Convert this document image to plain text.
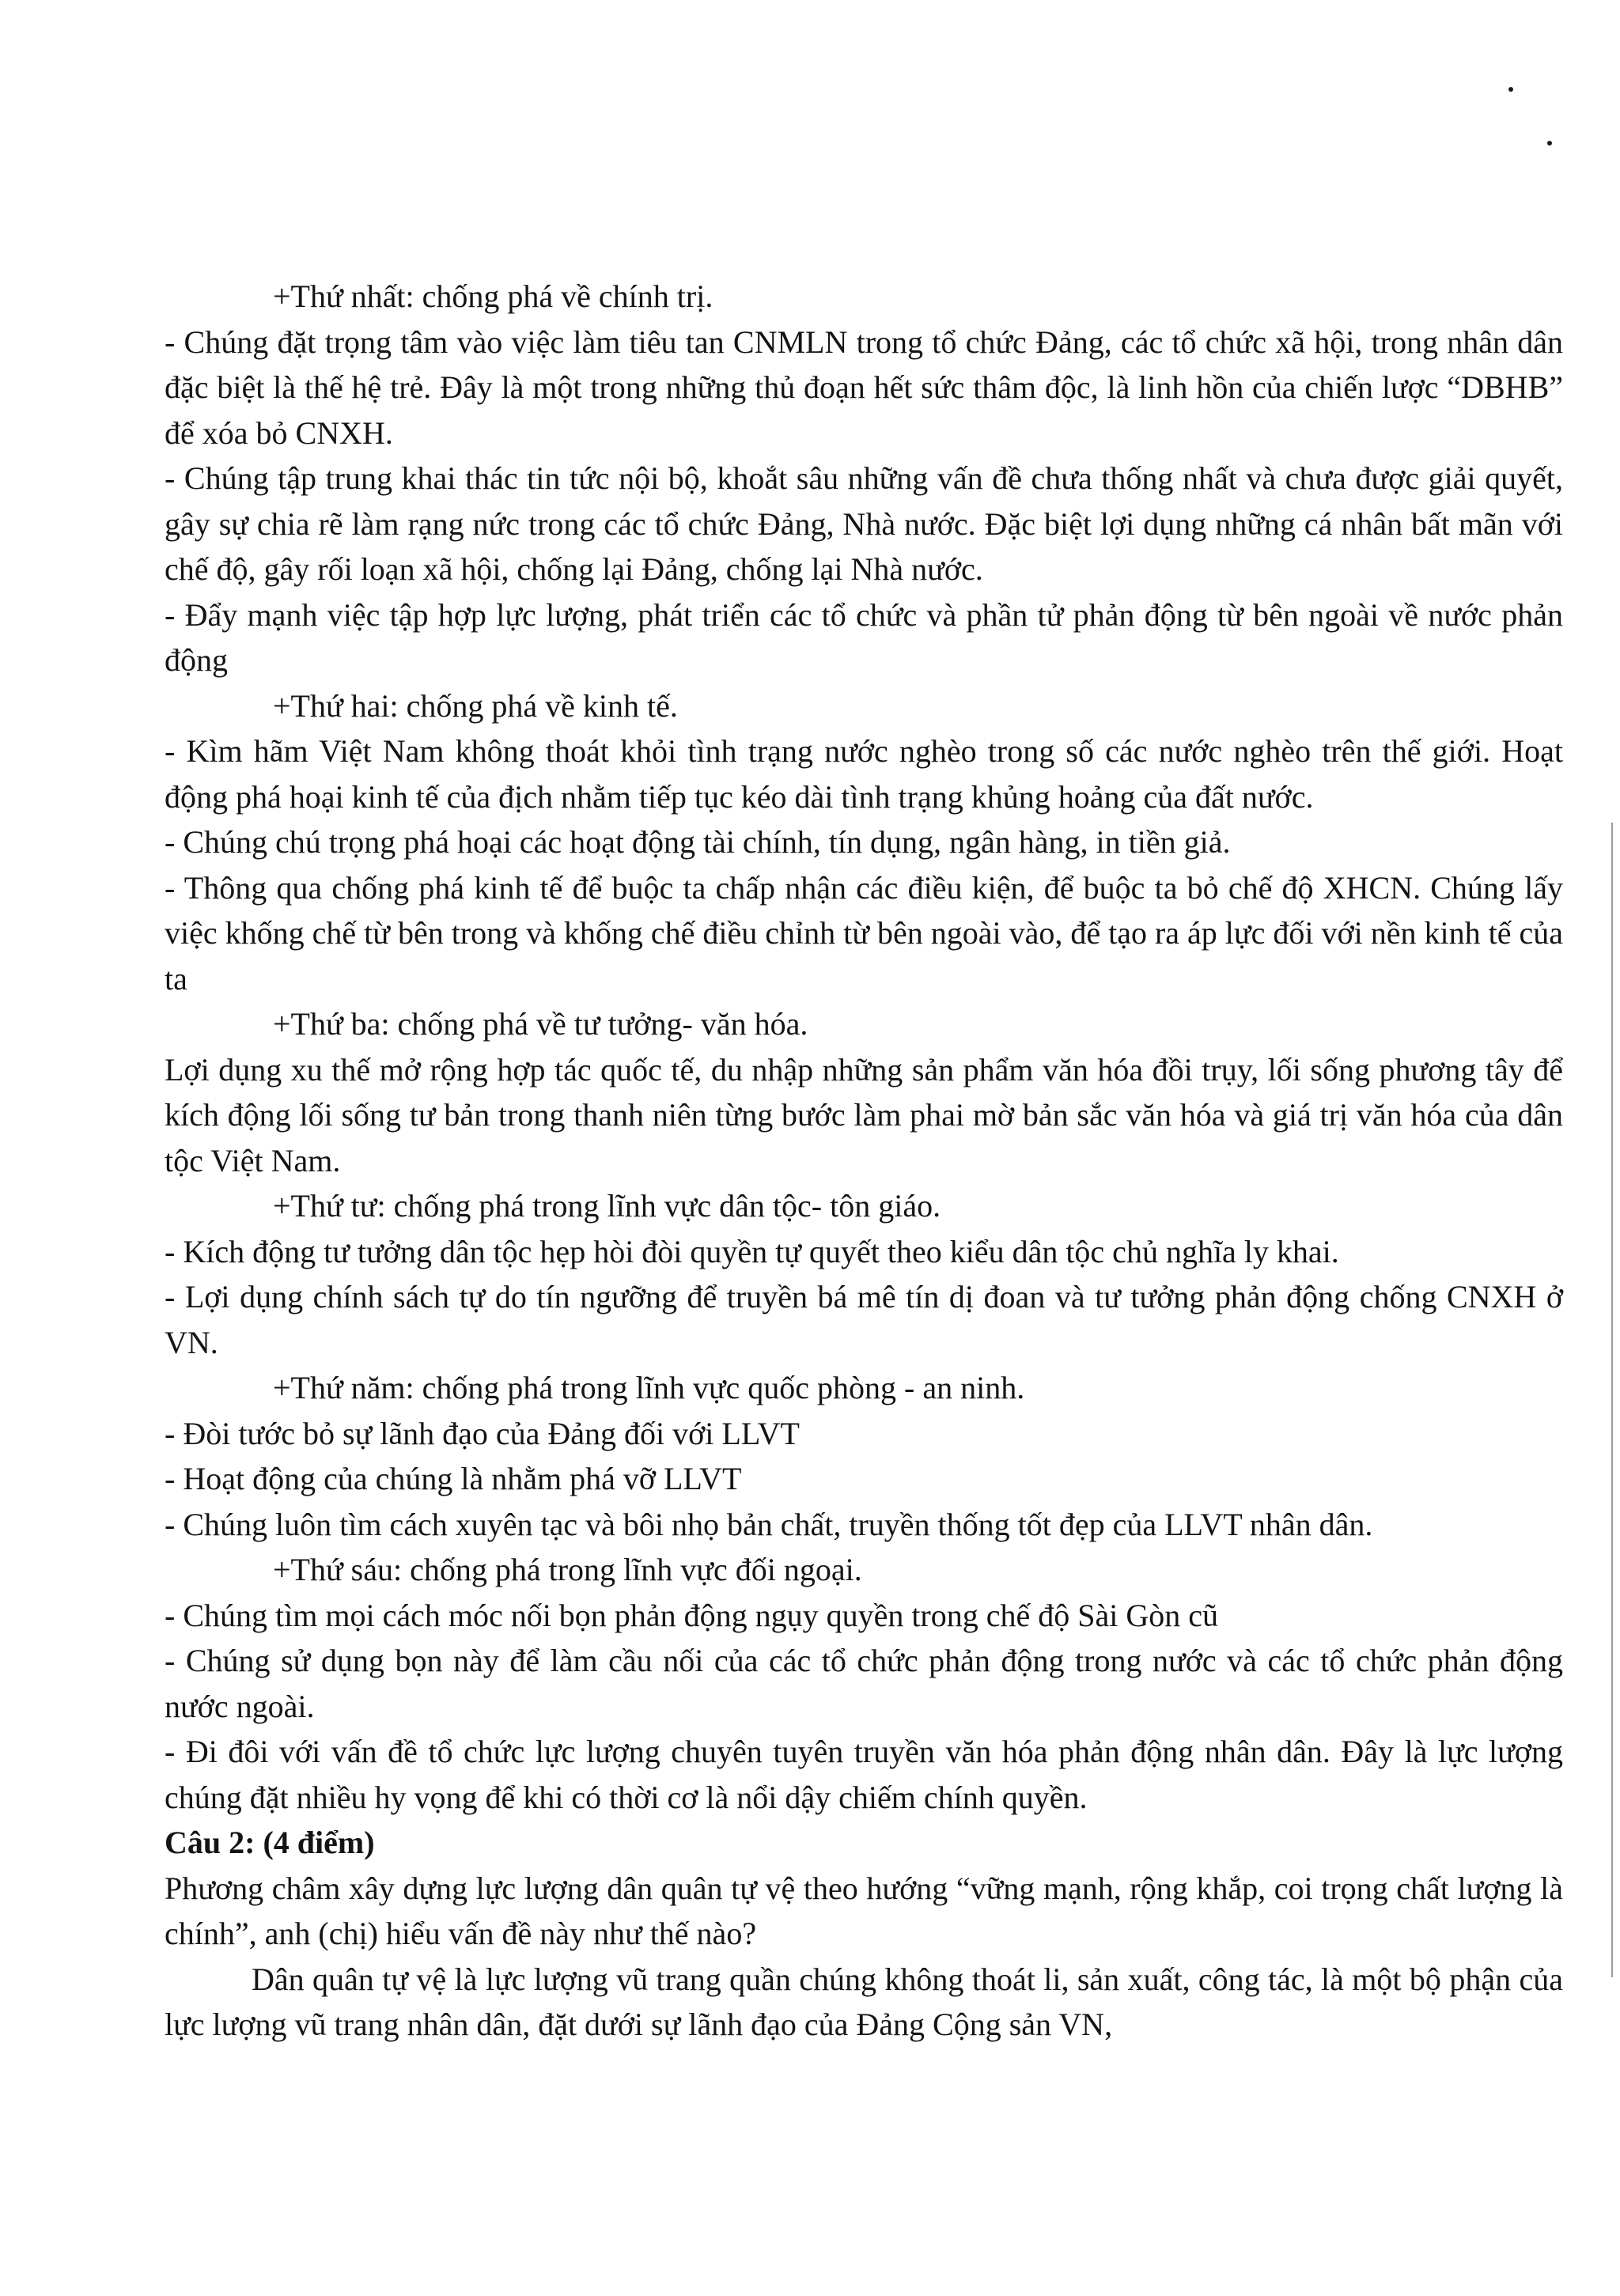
+Thứ nhất: chống phá về chính trị.

- Chúng đặt trọng tâm vào việc làm tiêu tan CNMLN trong tổ chức Đảng, các tổ chức xã hội, trong nhân dân đặc biệt là thế hệ trẻ. Đây là một trong những thủ đoạn hết sức thâm độc, là linh hồn của chiến lược “DBHB” để xóa bỏ CNXH.

- Chúng tập trung khai thác tin tức nội bộ, khoắt sâu những vấn đề chưa thống nhất và chưa được giải quyết, gây sự chia rẽ làm rạng nức trong các tổ chức Đảng, Nhà nước. Đặc biệt lợi dụng những cá nhân bất mãn với chế độ, gây rối loạn xã hội, chống lại Đảng, chống lại Nhà nước.

- Đẩy mạnh việc tập hợp lực lượng, phát triển các tổ chức và phần tử phản động từ bên ngoài về nước phản động

+Thứ hai: chống phá về kinh tế.

- Kìm hãm Việt Nam không thoát khỏi tình trạng nước nghèo trong số các nước nghèo trên thế giới. Hoạt động phá hoại kinh tế của địch nhằm tiếp tục kéo dài tình trạng khủng hoảng của đất nước.

- Chúng chú trọng phá hoại các hoạt động tài chính, tín dụng, ngân hàng, in tiền giả.

- Thông qua chống phá kinh tế để buộc ta chấp nhận các điều kiện, để buộc ta bỏ chế độ XHCN. Chúng lấy việc khống chế từ bên trong và khống chế điều chỉnh từ bên ngoài vào, để tạo ra áp lực đối với nền kinh tế của ta

+Thứ ba: chống phá về tư tưởng- văn hóa.

Lợi dụng xu thế mở rộng hợp tác quốc tế, du nhập những sản phẩm văn hóa đồi trụy, lối sống phương tây để kích động lối sống tư bản trong thanh niên từng bước làm phai mờ bản sắc văn hóa và giá trị văn hóa của dân tộc Việt Nam.

+Thứ tư: chống phá trong lĩnh vực dân tộc- tôn giáo.

- Kích động tư tưởng dân tộc hẹp hòi đòi quyền tự quyết theo kiểu dân tộc chủ nghĩa ly khai.

- Lợi dụng chính sách tự do tín ngưỡng để truyền bá mê tín dị đoan và tư tưởng phản động chống CNXH ở VN.

+Thứ năm: chống phá trong lĩnh vực quốc phòng - an ninh.

- Đòi tước bỏ sự lãnh đạo của Đảng đối với LLVT

- Hoạt động của chúng là nhằm phá vỡ LLVT

- Chúng luôn tìm cách xuyên tạc và bôi nhọ bản chất, truyền thống tốt đẹp của LLVT nhân dân.

+Thứ sáu: chống phá trong lĩnh vực đối ngoại.

- Chúng tìm mọi cách móc nối bọn phản động ngụy quyền trong chế độ Sài Gòn cũ

- Chúng sử dụng bọn này để làm cầu nối của các tổ chức phản động trong nước và các tổ chức phản động nước ngoài.

- Đi đôi với vấn đề tổ chức lực lượng chuyên tuyên truyền văn hóa phản động nhân dân. Đây là lực lượng chúng đặt nhiều hy vọng để khi có thời cơ là nổi dậy chiếm chính quyền.

Câu 2: (4 điểm)

Phương châm xây dựng lực lượng dân quân tự vệ theo hướng “vững mạnh, rộng khắp, coi trọng chất lượng là chính”, anh (chị) hiểu vấn đề này như thế nào?

Dân quân tự vệ là lực lượng vũ trang quần chúng không thoát li, sản xuất, công tác, là một bộ phận của lực lượng vũ trang nhân dân, đặt dưới sự lãnh đạo của Đảng Cộng sản VN,
